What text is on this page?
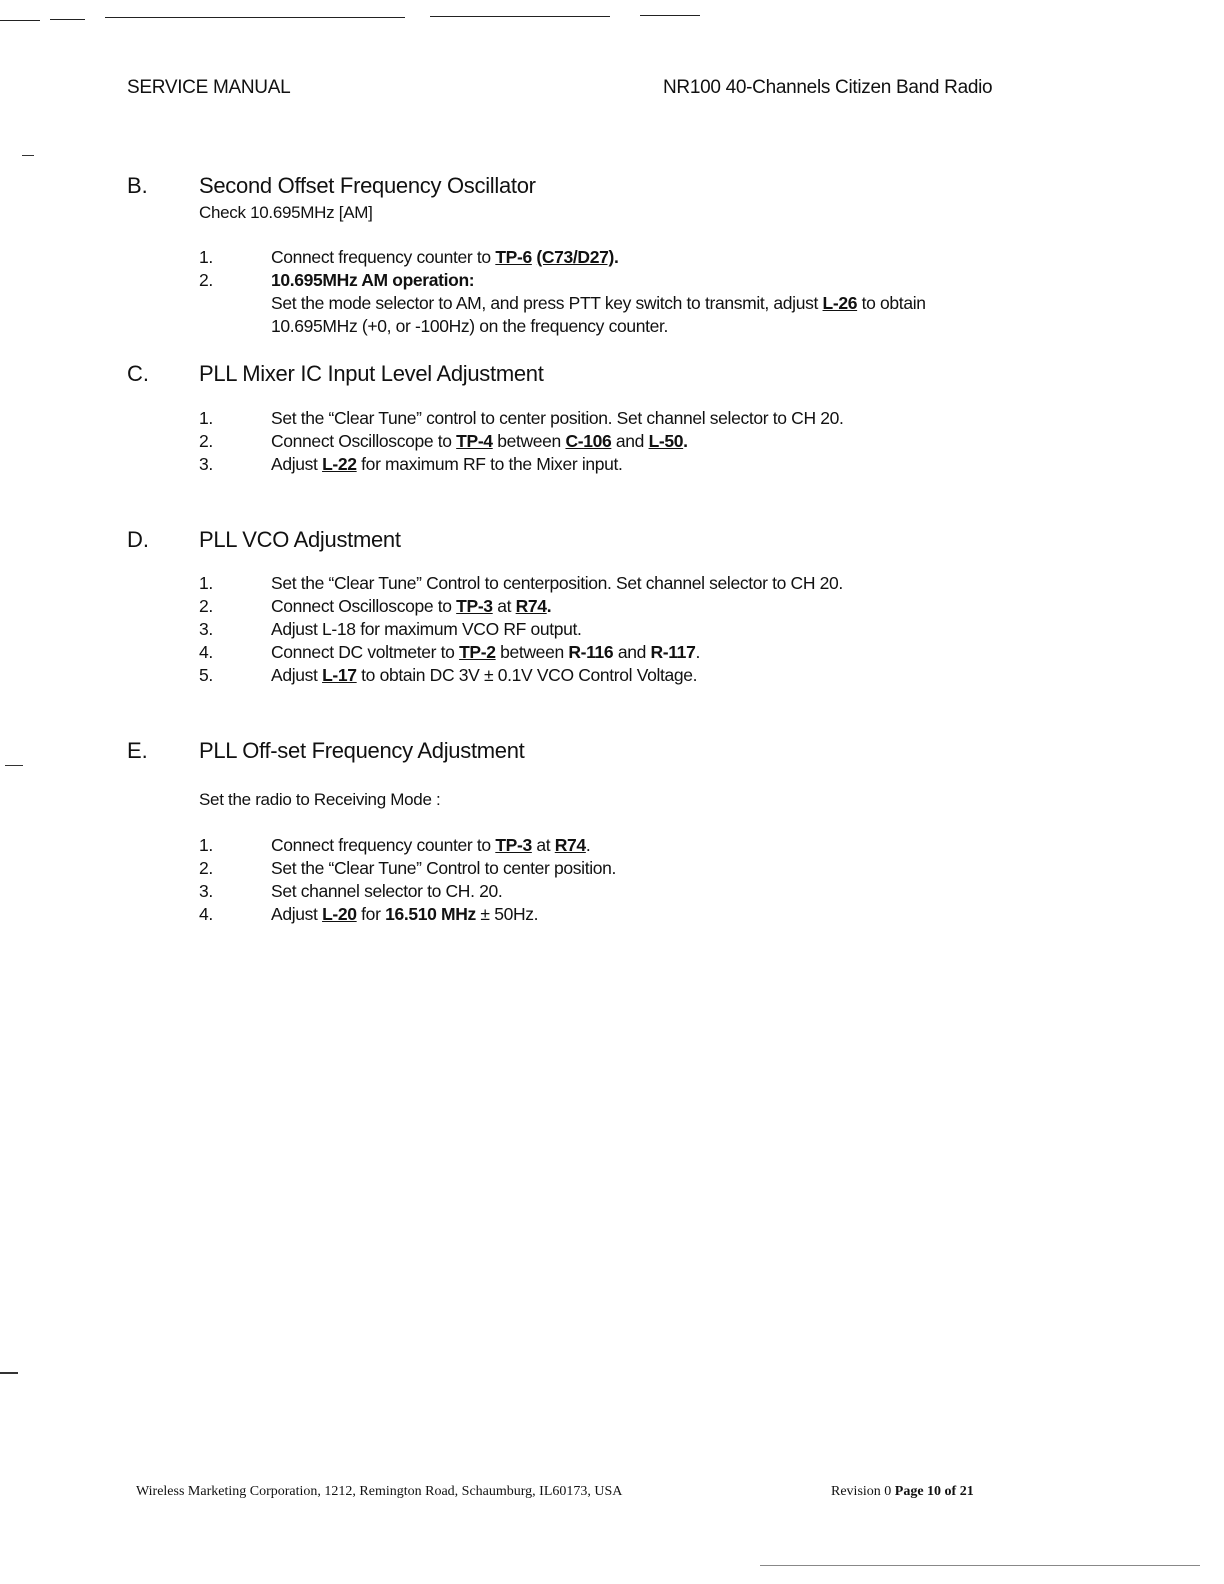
SERVICE MANUAL	NR100 40-Channels Citizen Band Radio
B. Second Offset Frequency Oscillator
Check 10.695MHz [AM]
1.	Connect frequency counter to TP-6 (C73/D27).
2.	10.695MHz AM operation:
Set the mode selector to AM, and press PTT key switch to transmit, adjust L-26 to obtain
10.695MHz (+0, or -100Hz) on the frequency counter.
C. PLL Mixer IC Input Level Adjustment
1.	Set the “Clear Tune” control to center position. Set channel selector to CH 20.
2.	Connect Oscilloscope to TP-4 between C-106 and L-50.
3.	Adjust L-22 for maximum RF to the Mixer input.
D. PLL VCO Adjustment
1.	Set the “Clear Tune” Control to centerposition. Set channel selector to CH 20.
2.	Connect Oscilloscope to TP-3 at R74.
3.	Adjust L-18 for maximum VCO RF output.
4.	Connect DC voltmeter to TP-2 between R-116 and R-117.
5.	Adjust L-17 to obtain DC 3V ± 0.1V VCO Control Voltage.
E. PLL Off-set Frequency Adjustment
Set the radio to Receiving Mode :
1.	Connect frequency counter to TP-3 at R74.
2.	Set the “Clear Tune” Control to center position.
3.	Set channel selector to CH. 20.
4.	Adjust L-20 for 16.510 MHz ± 50Hz.
Wireless Marketing Corporation, 1212, Remington Road, Schaumburg, IL60173, USA	Revision 0 Page 10 of 21
